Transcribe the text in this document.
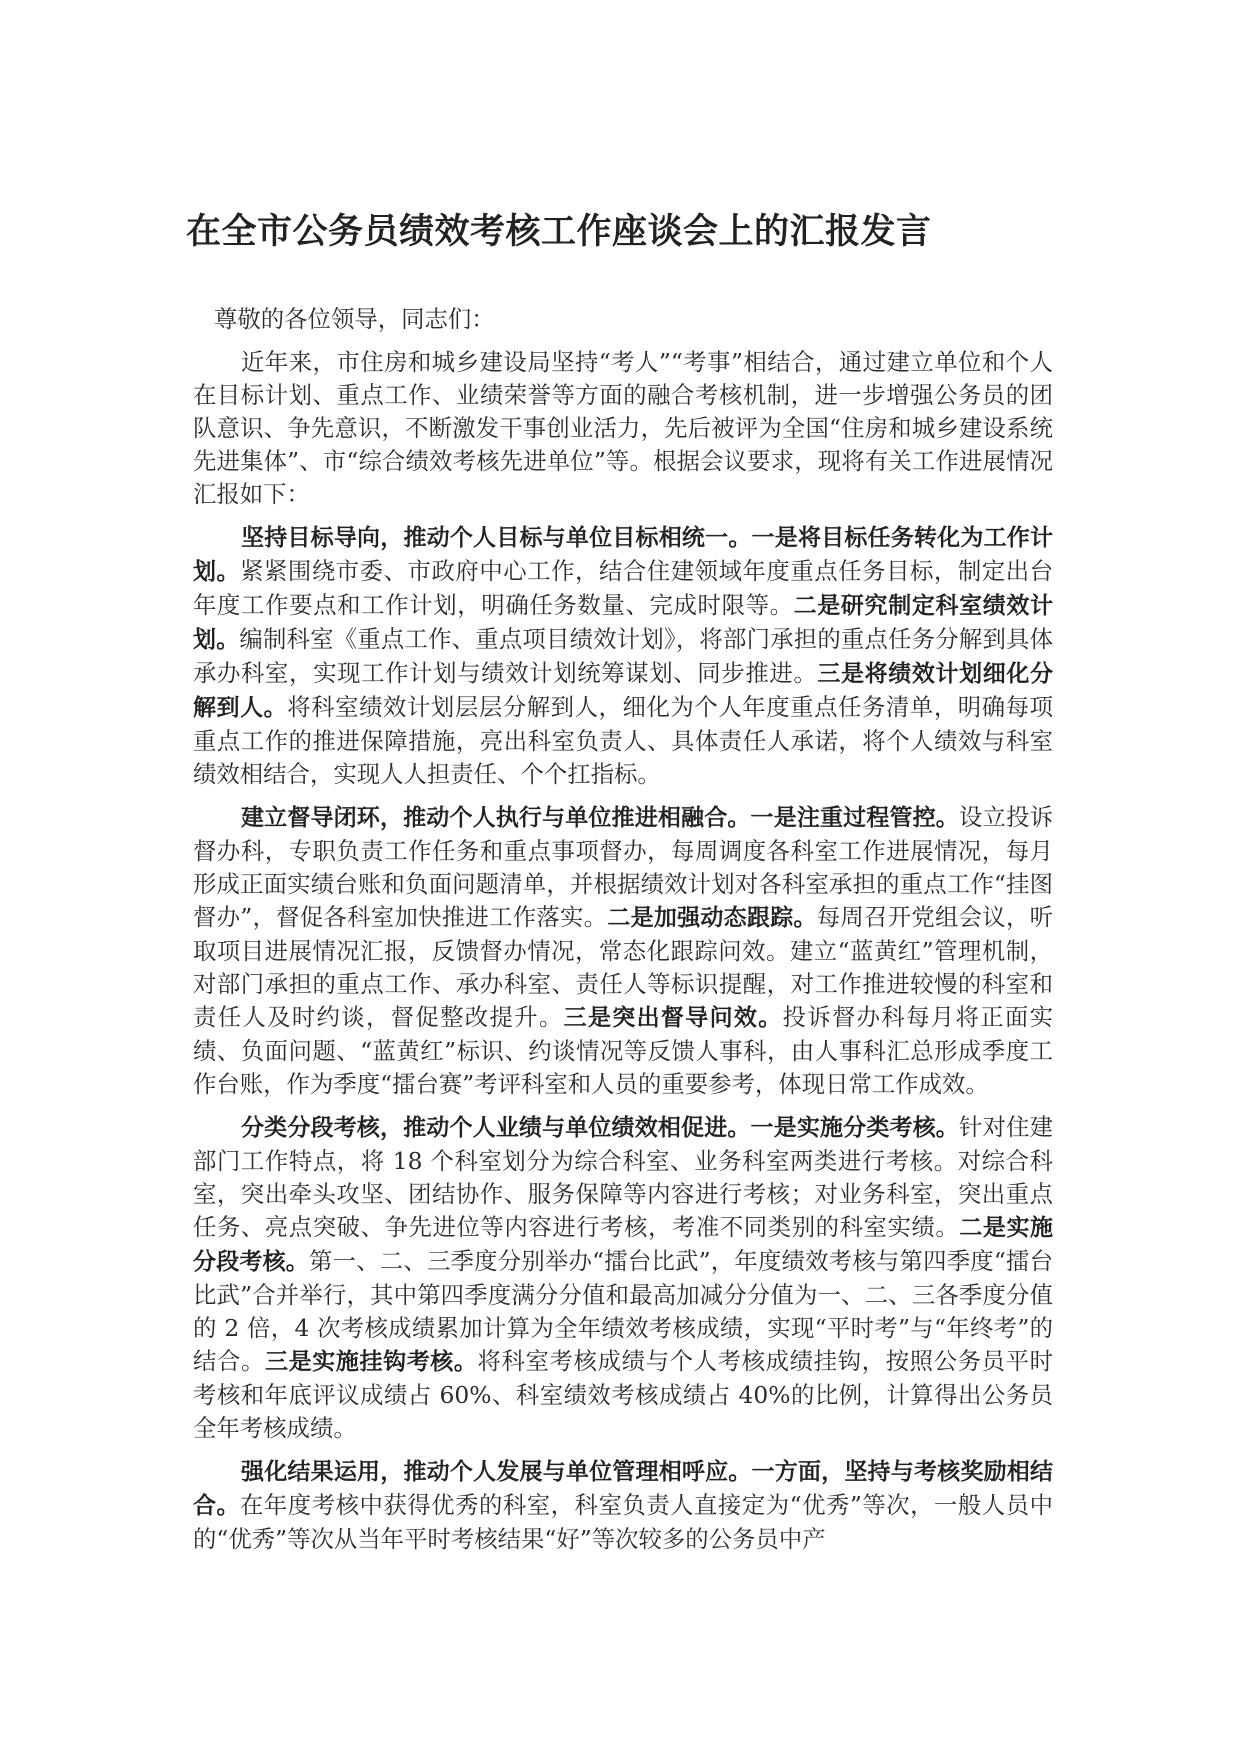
在全市公务员绩效考核工作座谈会上的汇报发言

尊敬的各位领导，同志们：

近年来，市住房和城乡建设局坚持“考人”“考事”相结合，通过建立单位和个人在目标计划、重点工作、业绩荣誉等方面的融合考核机制，进一步增强公务员的团队意识、争先意识，不断激发干事创业活力，先后被评为全国“住房和城乡建设系统先进集体”、市“综合绩效考核先进单位”等。根据会议要求，现将有关工作进展情况汇报如下：

坚持目标导向，推动个人目标与单位目标相统一。一是将目标任务转化为工作计划。紧紧围绕市委、市政府中心工作，结合住建领域年度重点任务目标，制定出台年度工作要点和工作计划，明确任务数量、完成时限等。二是研究制定科室绩效计划。编制科室《重点工作、重点项目绩效计划》，将部门承担的重点任务分解到具体承办科室，实现工作计划与绩效计划统筹谋划、同步推进。三是将绩效计划细化分解到人。将科室绩效计划层层分解到人，细化为个人年度重点任务清单，明确每项重点工作的推进保障措施，亮出科室负责人、具体责任人承诺，将个人绩效与科室绩效相结合，实现人人担责任、个个扛指标。

建立督导闭环，推动个人执行与单位推进相融合。一是注重过程管控。设立投诉督办科，专职负责工作任务和重点事项督办，每周调度各科室工作进展情况，每月形成正面实绩台账和负面问题清单，并根据绩效计划对各科室承担的重点工作“挂图督办”，督促各科室加快推进工作落实。二是加强动态跟踪。每周召开党组会议，听取项目进展情况汇报，反馈督办情况，常态化跟踪问效。建立“蓝黄红”管理机制，对部门承担的重点工作、承办科室、责任人等标识提醒，对工作推进较慢的科室和责任人及时约谈，督促整改提升。三是突出督导问效。投诉督办科每月将正面实绩、负面问题、“蓝黄红”标识、约谈情况等反馈人事科，由人事科汇总形成季度工作台账，作为季度“擂台赛”考评科室和人员的重要参考，体现日常工作成效。

分类分段考核，推动个人业绩与单位绩效相促进。一是实施分类考核。针对住建部门工作特点，将 18 个科室划分为综合科室、业务科室两类进行考核。对综合科室，突出牵头攻坚、团结协作、服务保障等内容进行考核；对业务科室，突出重点任务、亮点突破、争先进位等内容进行考核，考准不同类别的科室实绩。二是实施分段考核。第一、二、三季度分别举办“擂台比武”，年度绩效考核与第四季度“擂台比武”合并举行，其中第四季度满分分值和最高加减分分值为一、二、三各季度分值的 2 倍，4 次考核成绩累加计算为全年绩效考核成绩，实现“平时考”与“年终考”的结合。三是实施挂钩考核。将科室考核成绩与个人考核成绩挂钩，按照公务员平时考核和年底评议成绩占 60%、科室绩效考核成绩占 40%的比例，计算得出公务员全年考核成绩。

强化结果运用，推动个人发展与单位管理相呼应。一方面，坚持与考核奖励相结合。在年度考核中获得优秀的科室，科室负责人直接定为“优秀”等次，一般人员中的“优秀”等次从当年平时考核结果“好”等次较多的公务员中产
